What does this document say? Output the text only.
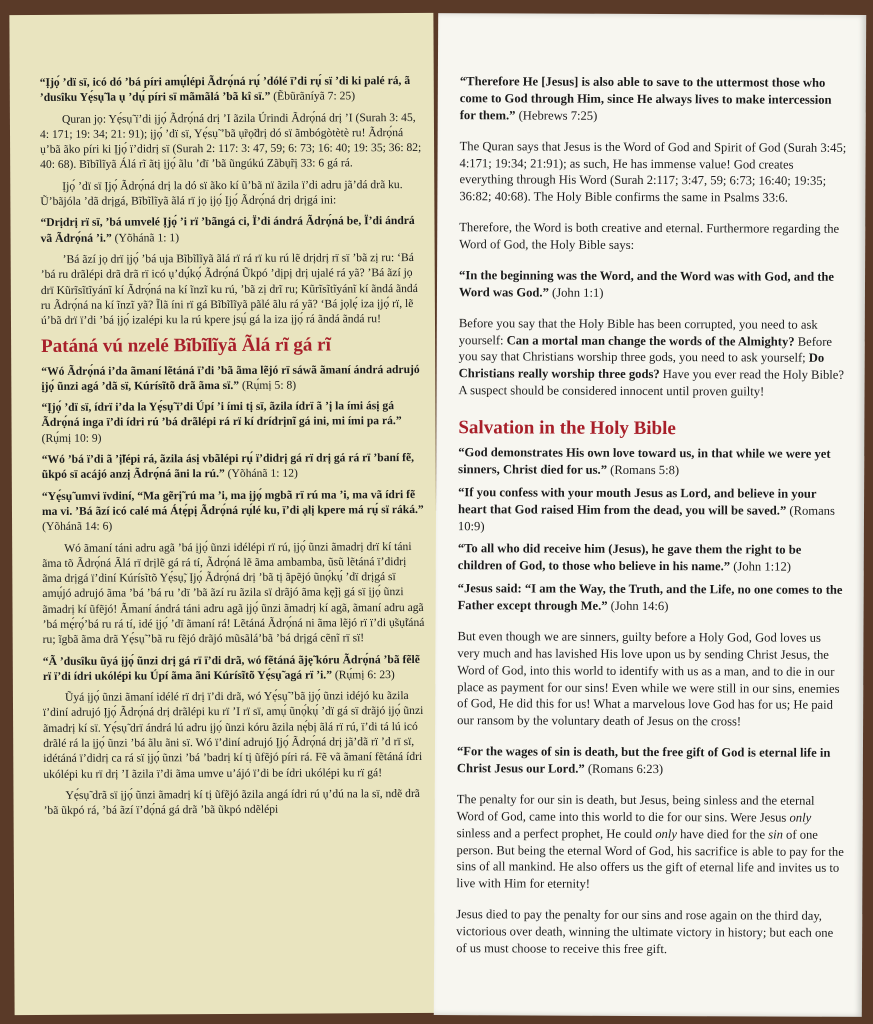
“Ịjọ́ ’dï sï, icó dó ’bá píri amụ́lépi Ãdrọ́ná rụ́ ’dólé ï’di rụ́ sï ’di ki palé rá, ã ’dusîku Yẹ́sụ̃ la ụ ’dụ́ píri sï mãmãlá ’bã kî sï.” (Ẽbũrãníyã 7: 25)

Quran jọ: Yẹ́sụ̃ ï’di ịjọ́ Ãdrọ́ná drị ’I ãzila Úrindi Ãdrọ́ná drị ’I (Surah 3: 45, 4: 171; 19: 34; 21: 91); ịjọ́ ’dï sï, Yẹ́sụ̃ ’bã ụ̃rọ̃drị dó sï ãmbógòtètè ru! Ãdrọ́ná ụ’bã ãko píri ki Ịjọ́ ï’didrị sï (Surah 2: 117: 3: 47, 59; 6: 73; 16: 40; 19: 35; 36: 82; 40: 68). Bĩbĩlĩyã Álá rĩ ãtị ịjọ́ ãlu ’dï ’bã ũngúkú Zãbụ̃rị 33: 6 gá rá.

Ịjọ́ ’dï sï Ịjọ́ Ãdrọ́ná drị la dó sï ãko kí ũ’bã nï ãzila ï’di adru jã’dá drã ku. Ũ’bãjóla ’dã drịgá, Bĩbĩlĩyã ãlá rï jọ ịjọ́ Ịjọ́ Ãdrọ́ná drị drịgá ini:

“Drịdrị rï sï, ’bá umvelé Ịjọ́ ’i rï ’bãngá ci, Ï’di ándrá Ãdrọ́ná be, Ï’di ándrá vã Ãdrọ́ná ’i.” (Yõhánã 1: 1)

’Bá ãzí jọ drï ịjọ́ ’bá uja Bĩbĩlĩyã ãlá rï rá rï ku rú lẽ drịdrị rï sï ’bã zị ru: ‘Bá ’bá ru drãlépi drã drã rï icó ụ’dụ́kọ́ Ãdrọ́ná Ũkpó ’dịpị drị ujalé rá yã? ’Bá ãzí jọ drï Kũrĩsĩtĩyánĩ kí Ãdrọ́ná na kí ĩnzĩ ku rú, ’bã zị drĩ ru; Kũrĩsĩtĩyánĩ kí ãndá ãndá ru Ãdrọ́ná na kí ĩnzĩ yã? Ĩlã íni rï gá Bĩbĩlĩyã pãlé ãlu rá yã? ‘Bá jọlẹ́ iza ịjọ́ rï, lẽ ú’bã drï ï’di ’bá ịjọ́ izalépi ku la rú kpere jsụ́ gá la iza ịjọ́ rá ãndá ãndá ru!

Patáná vú nzelé Bĩbĩlĩyã Ãlá rĩ gá rĩ

“Wó Ãdrọ́ná i’da ãmaní lẽtáná ï’di ’bã ãma lẽjó rï sáwã ãmaní ándrá adrujó ịjọ́ ũnzi agá ’dã sï, Kúrísĩtõ drã ãma sï.” (Rụ́mị 5: 8)

“Ịjọ́ ’dï sï, ídrï i’da la Yẹ́sụ̃ ï’di Úpí ’i ími tị sï, ãzila ídrï ã ’ị la ími ásị gá Ãdrọ́ná inga ï’di ídri rú ’bá drãlépi rá rï kí drídrịnĩ gá ini, mi ími pa rá.” (Rụ́mị 10: 9)

“Wó ’bá ï’di ã ’ị̃lépi rá, ãzila ásị vbãlépi rụ́ ï’didrị gá rï drị gá rá rï ’baní fẽ, ũkpó sï acájó anzị Ãdrọ́ná ãni la rú.” (Yõhánã 1: 12)

“Yẹ́sụ̃ umvi ïvdiní, “Ma gẽrị̃ rú ma ’i, ma ịjọ́ mgbã rï rú ma ’i, ma vã ídri fẽ ma vi. ’Bá ãzí icó calé má Átẹ́pị Ãdrọ́ná rụ́lé ku, ï’di ạlị kpere má rụ́ sï ráká.” (Yõhánã 14: 6)

Wó ãmaní táni adru agã ’bá ịjọ́ ũnzi idélépi rï rú, ịjọ́ ũnzi ãmadrị drï kí táni ãma tõ Ãdrọ́ná Ãlá rï drịlẽ gá rá tí, Ãdrọ́ná lẽ ãma ambamba, ũsũ lẽtáná ï’didrị ãma drịgá ï’diní Kúrísĩtõ Yẹ́sụ̃, Ịjọ́ Ãdrọ́ná drị ’bã tị ãpẽjó ũnọ́kụ́ ’dï drịgá sï amụ́jó adrujó ãma ’bá ’bá ru ’dï ’bã ãzí ru ãzila sï drãjó ãma kẹ̃jị gá sï ịjọ́ ũnzi ãmadrị kí ũfẽjó! Ãmaní ándrá táni adru agã ịjọ́ ũnzi ãmadrị kí agã, ãmaní adru agã ’bá mẹ́rọ́’bá ru rá tí, idé ịjọ́ ’dï ãmaní rá! Lẽtáná Ãdrọ́ná ni ãma lẽjó rï ï’di ụ̃sụ̃táná ru; ĩgbã ãma drã Yẹ́sụ̃ ’bã ru fẽjó drãjó mũsãlá’bã ’bá drịgá cẽnĩ rï sï!

“Ã ’dusîku ũyá ịjọ́ ũnzi drị gá rï ï’di drã, wó fẽtáná ãjẹ̃ kóru Ãdrọ́ná ’bã fẽlẽ rï ï’di ídri ukólépi ku Úpí ãma ãni Kúrísĩtõ Yẹ́sụ̃ agá rï ’i.” (Rụ́mị 6: 23)

Ũyá ịjọ́ ũnzi ãmaní idélé rï drị ï’di drã, wó Yẹ́sụ̃ ’bã ịjọ́ ũnzi idéjó ku ãzila ï’diní adrujó Ịjọ́ Ãdrọ́ná drị drãlépi ku rï ’I rï sï, amụ́ ũnọ́kụ́ ’dï gá sï drãjó ịjọ́ ũnzi ãmadrị kí sï. Yẹ́sụ̃ drï ándrá lú adru ịjọ́ ũnzi kóru ãzila nẹ́bị ãlá rï rú, ï’di tá lú icó drãlé rá la ịjọ́ ũnzi ’bá ãlu ãni sï. Wó ï’diní adrujó Ịjọ́ Ãdrọ́ná drị jã’dã rï ’d rï sï, idétáná ï’didrị ca rá sï ịjọ́ ũnzi ’bá ’badrị kí tị ũfẽjó píri rá. Fẽ vã ãmaní fẽtáná ídri ukólépi ku rï drị ’I ãzila ï’di ãma umve u’ájó ï’di be ídri ukólépi ku rï gá!

Yẹ́sụ̃ drã sï ịjọ́ ũnzi ãmadrị kí tị ũfẽjó ãzila angá ídri rú ụ’dú na la sï, ndẽ drã ’bã ũkpó rá, ’bá ãzí ï’dọ́ná gá drã ’bã ũkpó ndẽlépi

“Therefore He [Jesus] is also able to save to the uttermost those who come to God through Him, since He always lives to make intercession for them.” (Hebrews 7:25)

The Quran says that Jesus is the Word of God and Spirit of God (Surah 3:45; 4:171; 19:34; 21:91); as such, He has immense value! God creates everything through His Word (Surah 2:117; 3:47, 59; 6:73; 16:40; 19:35; 36:82; 40:68). The Holy Bible confirms the same in Psalms 33:6.

Therefore, the Word is both creative and eternal. Furthermore regarding the Word of God, the Holy Bible says:

“In the beginning was the Word, and the Word was with God, and the Word was God.” (John 1:1)

Before you say that the Holy Bible has been corrupted, you need to ask yourself: Can a mortal man change the words of the Almighty? Before you say that Christians worship three gods, you need to ask yourself; Do Christians really worship three gods? Have you ever read the Holy Bible? A suspect should be considered innocent until proven guilty!

Salvation in the Holy Bible

“God demonstrates His own love toward us, in that while we were yet sinners, Christ died for us.” (Romans 5:8)

“If you confess with your mouth Jesus as Lord, and believe in your heart that God raised Him from the dead, you will be saved.” (Romans 10:9)

“To all who did receive him (Jesus), he gave them the right to be children of God, to those who believe in his name.” (John 1:12)

“Jesus said: “I am the Way, the Truth, and the Life, no one comes to the Father except through Me.” (John 14:6)

But even though we are sinners, guilty before a Holy God, God loves us very much and has lavished His love upon us by sending Christ Jesus, the Word of God, into this world to identify with us as a man, and to die in our place as payment for our sins! Even while we were still in our sins, enemies of God, He did this for us! What a marvelous love God has for us; He paid our ransom by the voluntary death of Jesus on the cross!

“For the wages of sin is death, but the free gift of God is eternal life in Christ Jesus our Lord.” (Romans 6:23)

The penalty for our sin is death, but Jesus, being sinless and the eternal Word of God, came into this world to die for our sins. Were Jesus only sinless and a perfect prophet, He could only have died for the sin of one person. But being the eternal Word of God, his sacrifice is able to pay for the sins of all mankind. He also offers us the gift of eternal life and invites us to live with Him for eternity!

Jesus died to pay the penalty for our sins and rose again on the third day, victorious over death, winning the ultimate victory in history; but each one of us must choose to receive this free gift.
